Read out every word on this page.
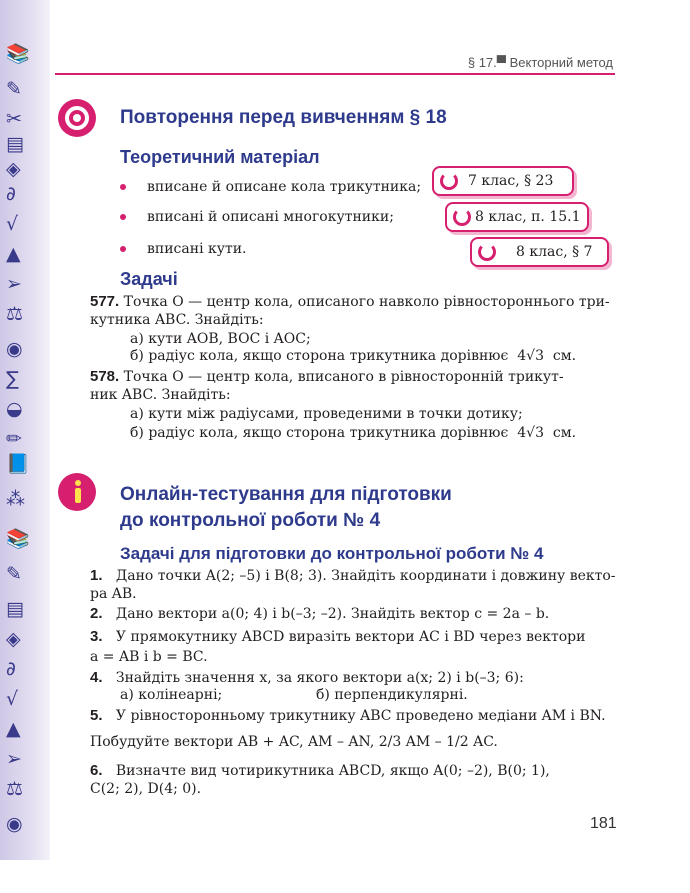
📚
✎
✂
▤
◈
∂
√
▲
➢
⚖
◉
∑
◒
✏
📘
⁂
📚
✎
▤
◈
∂
√
▲
➢
⚖
◉
§ 17.▀ Векторний метод
Повторення перед вивченням § 18
Теоретичний матеріал
вписане й описане кола трикутника;	7 клас, § 23
вписані й описані многокутники;	8 клас, п. 15.1
вписані кути.	8 клас, § 7
Задачі
577. Точка O — центр кола, описаного навколо рівностороннього три-
кутника ABC. Знайдіть:
а) кути AOB, BOC і AOC;
б) радіус кола, якщо сторона трикутника дорівнює 4√3 см.
578. Точка O — центр кола, вписаного в рівносторонній трикут-
ник ABC. Знайдіть:
а) кути між радіусами, проведеними в точки дотику;
б) радіус кола, якщо сторона трикутника дорівнює 4√3 см.
Онлайн-тестування для підготовки
до контрольної роботи № 4
Задачі для підготовки до контрольної роботи № 4
1. Дано точки A(2; –5) і B(8; 3). Знайдіть координати і довжину векто-
ра AB.
2. Дано вектори a(0; 4) і b(–3; –2). Знайдіть вектор c = 2a – b.
3. У прямокутнику ABCD виразіть вектори AC і BD через вектори
a = AB і b = BC.
4. Знайдіть значення x, за якого вектори a(x; 2) і b(–3; 6):
а) колінеарні;	б) перпендикулярні.
5. У рівносторонньому трикутнику ABC проведено медіани AM і BN.
Побудуйте вектори AB + AC, AM – AN, 2/3 AM – 1/2 AC.
6. Визначте вид чотирикутника ABCD, якщо A(0; –2), B(0; 1),
C(2; 2), D(4; 0).
181
